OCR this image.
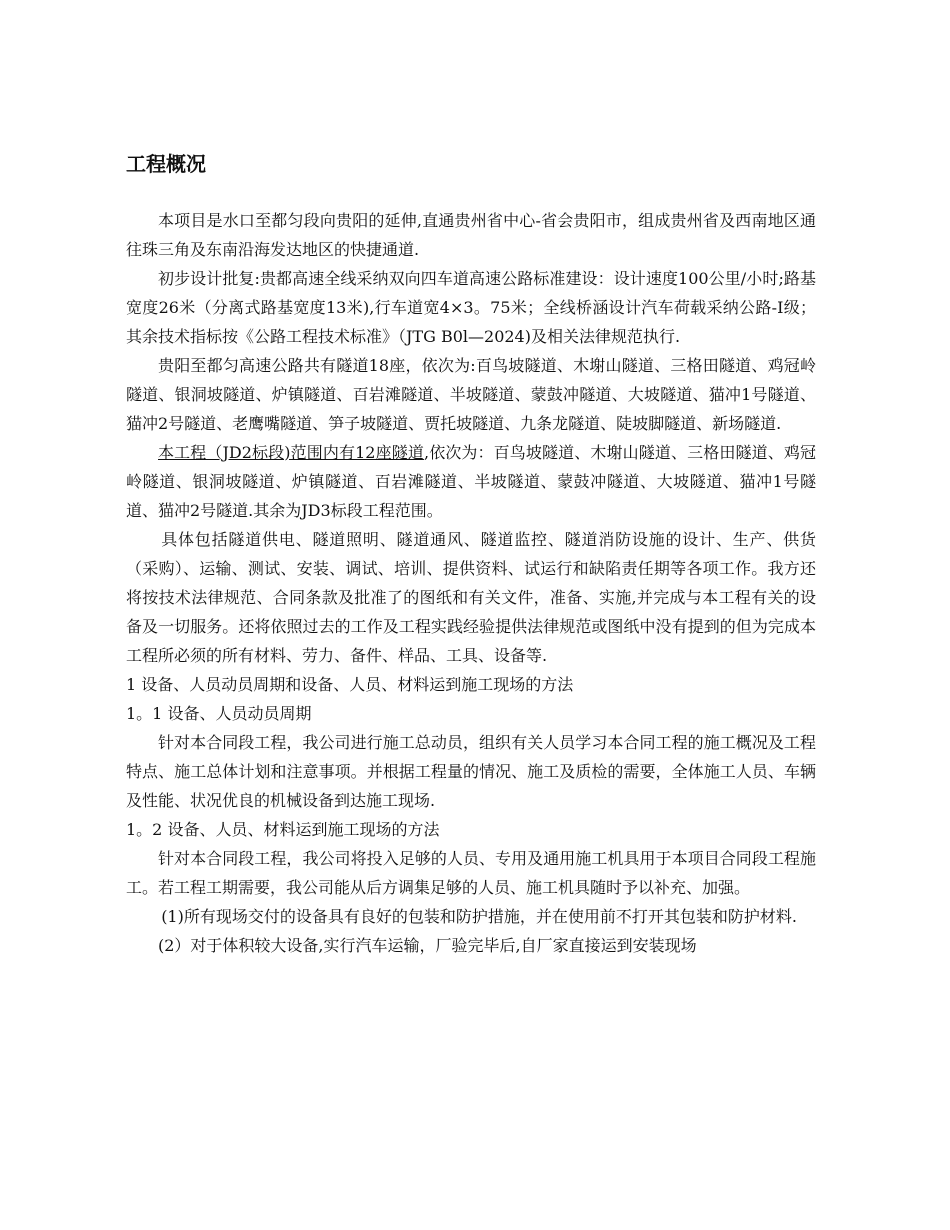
工程概况

本项目是水口至都匀段向贵阳的延伸,直通贵州省中心-省会贵阳市，组成贵州省及西南地区通往珠三角及东南沿海发达地区的快捷通道.

初步设计批复:贵都高速全线采纳双向四车道高速公路标准建设：设计速度100公里/小时;路基宽度26米（分离式路基宽度13米),行车道宽4×3。75米；全线桥涵设计汽车荷载采纳公路-I级；其余技术指标按《公路工程技术标准》（JTG B0l—2024)及相关法律规范执行.

贵阳至都匀高速公路共有隧道18座，依次为:百鸟坡隧道、木塮山隧道、三格田隧道、鸡冠岭隧道、银洞坡隧道、炉镇隧道、百岩滩隧道、半坡隧道、蒙鼓冲隧道、大坡隧道、猫冲1号隧道、猫冲2号隧道、老鹰嘴隧道、笋子坡隧道、贾托坡隧道、九条龙隧道、陡坡脚隧道、新场隧道.

本工程（JD2标段)范围内有12座隧道,依次为：百鸟坡隧道、木塮山隧道、三格田隧道、鸡冠岭隧道、银洞坡隧道、炉镇隧道、百岩滩隧道、半坡隧道、蒙鼓冲隧道、大坡隧道、猫冲1号隧道、猫冲2号隧道.其余为JD3标段工程范围。

具体包括隧道供电、隧道照明、隧道通风、隧道监控、隧道消防设施的设计、生产、供货（采购）、运输、测试、安装、调试、培训、提供资料、试运行和缺陷责任期等各项工作。我方还将按技术法律规范、合同条款及批准了的图纸和有关文件，准备、实施,并完成与本工程有关的设备及一切服务。还将依照过去的工作及工程实践经验提供法律规范或图纸中没有提到的但为完成本工程所必须的所有材料、劳力、备件、样品、工具、设备等.

1 设备、人员动员周期和设备、人员、材料运到施工现场的方法

1。1 设备、人员动员周期

针对本合同段工程，我公司进行施工总动员，组织有关人员学习本合同工程的施工概况及工程特点、施工总体计划和注意事项。并根据工程量的情况、施工及质检的需要，全体施工人员、车辆及性能、状况优良的机械设备到达施工现场.

1。2 设备、人员、材料运到施工现场的方法

针对本合同段工程，我公司将投入足够的人员、专用及通用施工机具用于本项目合同段工程施工。若工程工期需要，我公司能从后方调集足够的人员、施工机具随时予以补充、加强。

(1)所有现场交付的设备具有良好的包装和防护措施，并在使用前不打开其包装和防护材料.

(2）对于体积较大设备,实行汽车运输，厂验完毕后,自厂家直接运到安装现场
